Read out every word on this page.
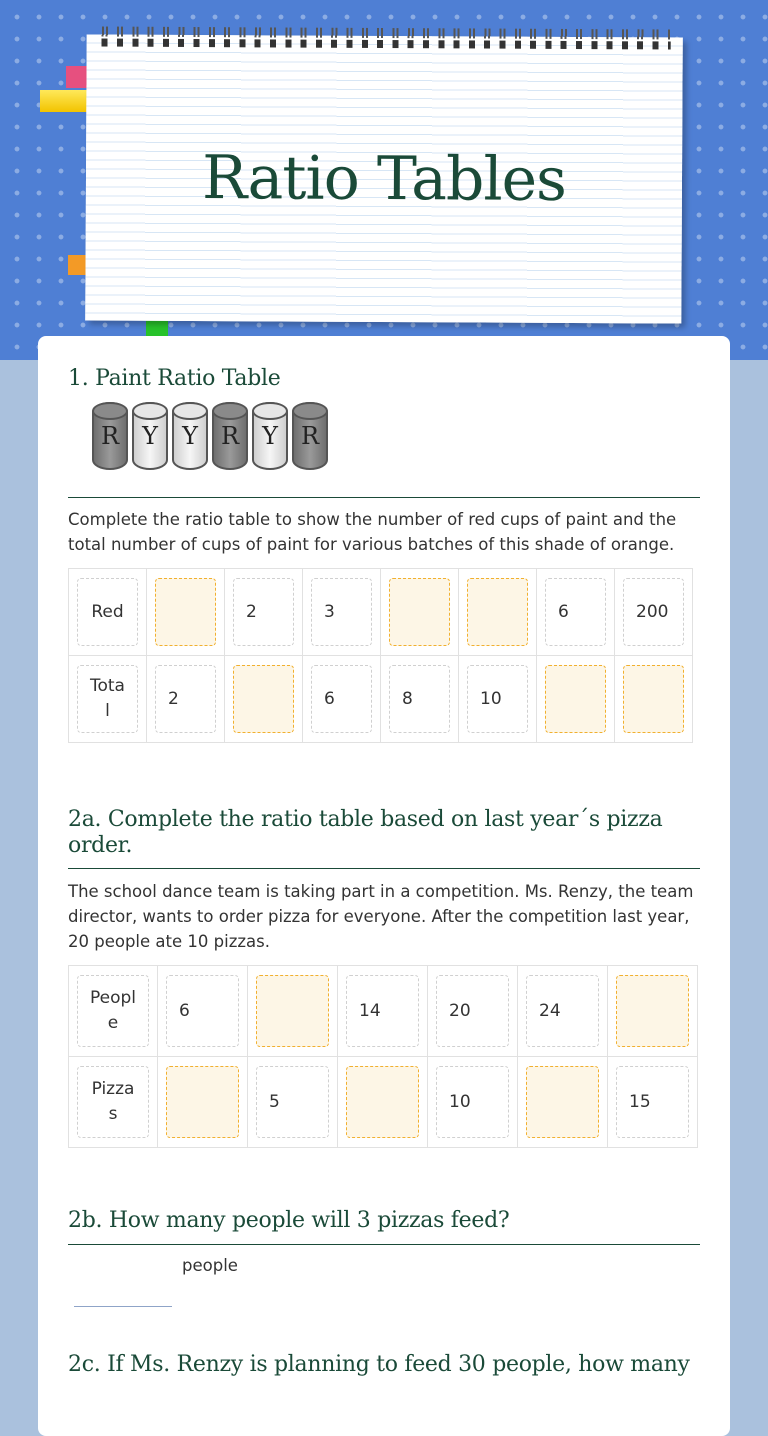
Ratio Tables
1. Paint Ratio Table
R Y	Y R Y R
Complete the ratio table to show the number of red cups of paint and the total number of cups of paint for various batches of this shade of orange.
Red		2	3			6	200

Total	2		6	8	10		

2a. Complete the ratio table based on last year´s pizza order.
The school dance team is taking part in a competition. Ms. Renzy, the team director, wants to order pizza for everyone. After the competition last year, 20 people ate 10 pizzas.
People	6		14	20	24	

Pizzas		5		10		15
2b. How many people will 3 pizzas feed?
people
2c. If Ms. Renzy is planning to feed 30 people, how many
